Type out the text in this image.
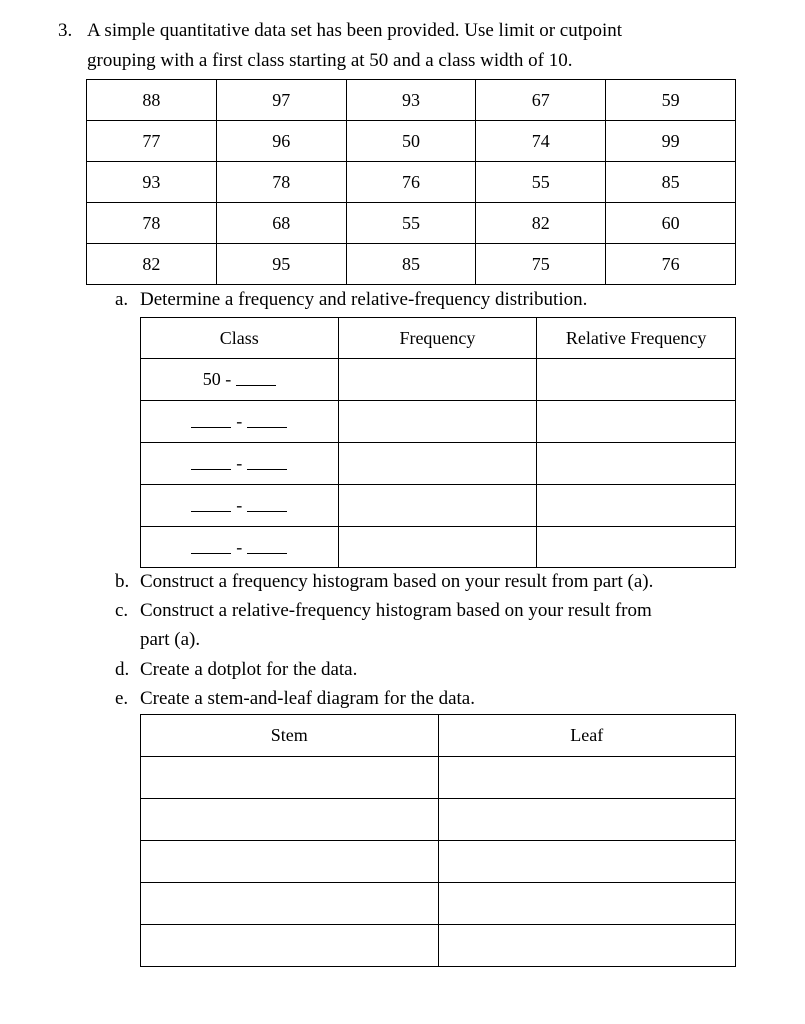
3. A simple quantitative data set has been provided. Use limit or cutpoint
grouping with a first class starting at 50 and a class width of 10.
88	97	93	67	59
77	96	50	74	99
93	78	76	55	85
78	68	55	82	60
82	95	85	75	76
a. Determine a frequency and relative-frequency distribution.
Class	Frequency	Relative Frequency
50 -		
-		
-		
-		
-		
b. Construct a frequency histogram based on your result from part (a).
c. Construct a relative-frequency histogram based on your result from
part (a).
d. Create a dotplot for the data.
e. Create a stem-and-leaf diagram for the data.
Stem	Leaf
